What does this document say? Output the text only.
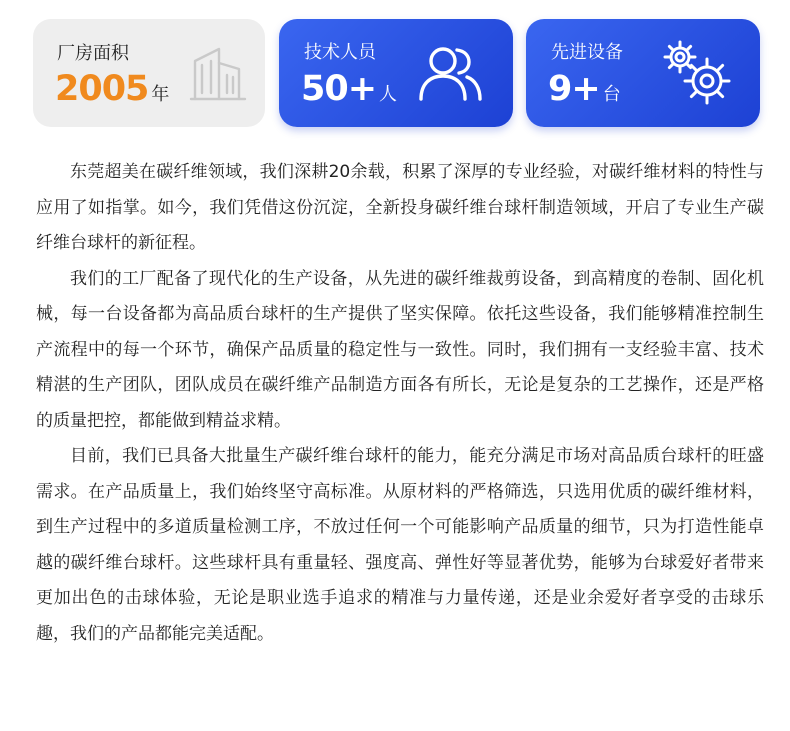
厂房面积
2005 年
技术人员
50+ 人
先进设备
9+ 台

东莞超美在碳纤维领域，我们深耕20余载，积累了深厚的专业经验，对碳纤维材料的特性与应用了如指掌。如今，我们凭借这份沉淀，全新投身碳纤维台球杆制造领域，开启了专业生产碳纤维台球杆的新征程。

我们的工厂配备了现代化的生产设备，从先进的碳纤维裁剪设备，到高精度的卷制、固化机械，每一台设备都为高品质台球杆的生产提供了坚实保障。依托这些设备，我们能够精准控制生产流程中的每一个环节，确保产品质量的稳定性与一致性。同时，我们拥有一支经验丰富、技术精湛的生产团队，团队成员在碳纤维产品制造方面各有所长，无论是复杂的工艺操作，还是严格的质量把控，都能做到精益求精。

目前，我们已具备大批量生产碳纤维台球杆的能力，能充分满足市场对高品质台球杆的旺盛需求。在产品质量上，我们始终坚守高标准。从原材料的严格筛选，只选用优质的碳纤维材料，到生产过程中的多道质量检测工序，不放过任何一个可能影响产品质量的细节，只为打造性能卓越的碳纤维台球杆。这些球杆具有重量轻、强度高、弹性好等显著优势，能够为台球爱好者带来更加出色的击球体验，无论是职业选手追求的精准与力量传递，还是业余爱好者享受的击球乐趣，我们的产品都能完美适配。
